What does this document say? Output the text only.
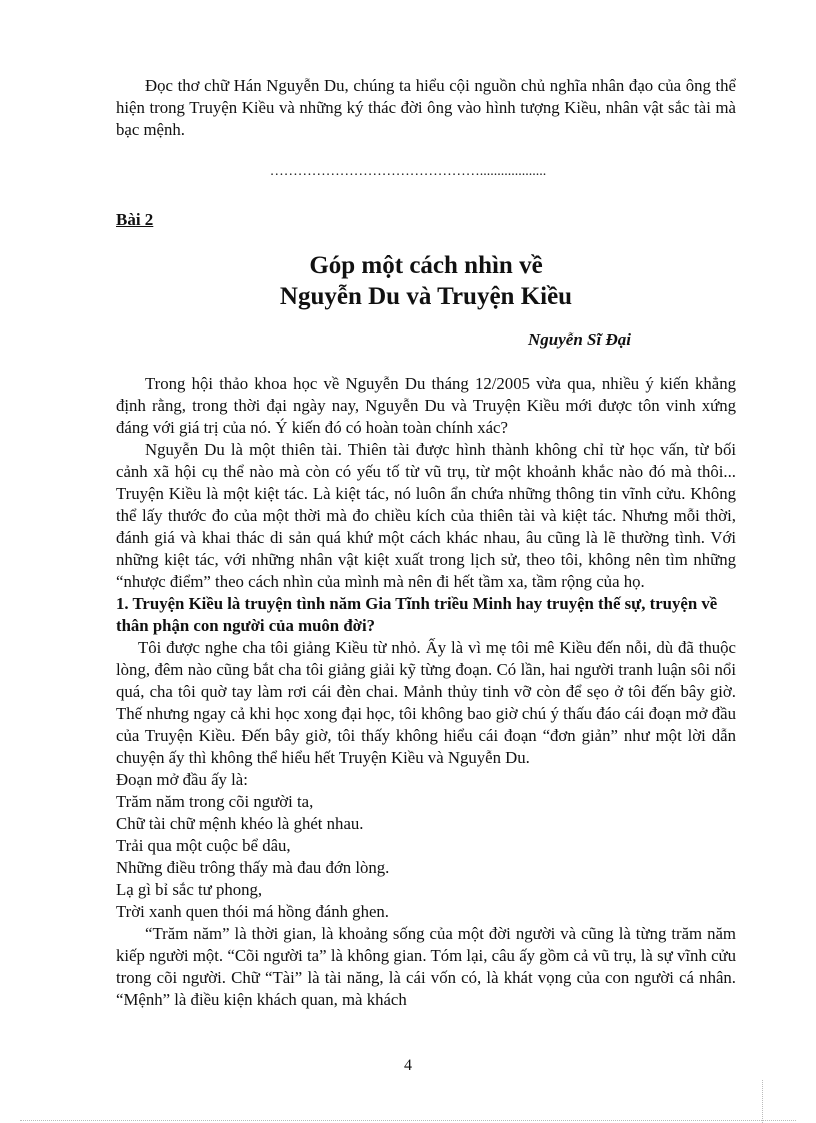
Đọc thơ chữ Hán Nguyễn Du, chúng ta hiểu cội nguồn chủ nghĩa nhân đạo của ông thể hiện trong Truyện Kiều và những ký thác đời ông vào hình tượng Kiều, nhân vật sắc tài mà bạc mệnh.

………………………………………...................
Bài 2
Góp một cách nhìn về
Nguyễn Du và Truyện Kiều
Nguyễn Sĩ Đại

Trong hội thảo khoa học về Nguyễn Du tháng 12/2005 vừa qua, nhiều ý kiến khẳng định rằng, trong thời đại ngày nay, Nguyễn Du và Truyện Kiều mới được tôn vinh xứng đáng với giá trị của nó. Ý kiến đó có hoàn toàn chính xác?

Nguyễn Du là một thiên tài. Thiên tài được hình thành không chỉ từ học vấn, từ bối cảnh xã hội cụ thể nào mà còn có yếu tố từ vũ trụ, từ một khoảnh khắc nào đó mà thôi... Truyện Kiều là một kiệt tác. Là kiệt tác, nó luôn ẩn chứa những thông tin vĩnh cửu. Không thể lấy thước đo của một thời mà đo chiều kích của thiên tài và kiệt tác. Nhưng mỗi thời, đánh giá và khai thác di sản quá khứ một cách khác nhau, âu cũng là lẽ thường tình. Với những kiệt tác, với những nhân vật kiệt xuất trong lịch sử, theo tôi, không nên tìm những “nhược điểm” theo cách nhìn của mình mà nên đi hết tầm xa, tầm rộng của họ.

1. Truyện Kiều là truyện tình năm Gia Tĩnh triều Minh hay truyện thế sự, truyện về thân phận con người của muôn đời?

Tôi được nghe cha tôi giảng Kiều từ nhỏ. Ấy là vì mẹ tôi mê Kiều đến nỗi, dù đã thuộc lòng, đêm nào cũng bắt cha tôi giảng giải kỹ từng đoạn. Có lần, hai người tranh luận sôi nổi quá, cha tôi quờ tay làm rơi cái đèn chai. Mảnh thủy tinh vỡ còn để sẹo ở tôi đến bây giờ. Thế nhưng ngay cả khi học xong đại học, tôi không bao giờ chú ý thấu đáo cái đoạn mở đầu của Truyện Kiều. Đến bây giờ, tôi thấy không hiểu cái đoạn “đơn giản” như một lời dẫn chuyện ấy thì không thể hiểu hết Truyện Kiều và Nguyễn Du.

Đoạn mở đầu ấy là:

Trăm năm trong cõi người ta,

Chữ tài chữ mệnh khéo là ghét nhau.

Trải qua một cuộc bể dâu,

Những điều trông thấy mà đau đớn lòng.

Lạ gì bỉ sắc tư phong,

Trời xanh quen thói má hồng đánh ghen.

“Trăm năm” là thời gian, là khoảng sống của một đời người và cũng là từng trăm năm kiếp người một. “Cõi người ta” là không gian. Tóm lại, câu ấy gồm cả vũ trụ, là sự vĩnh cửu trong cõi người. Chữ “Tài” là tài năng, là cái vốn có, là khát vọng của con người cá nhân. “Mệnh” là điều kiện khách quan, mà khách

4
